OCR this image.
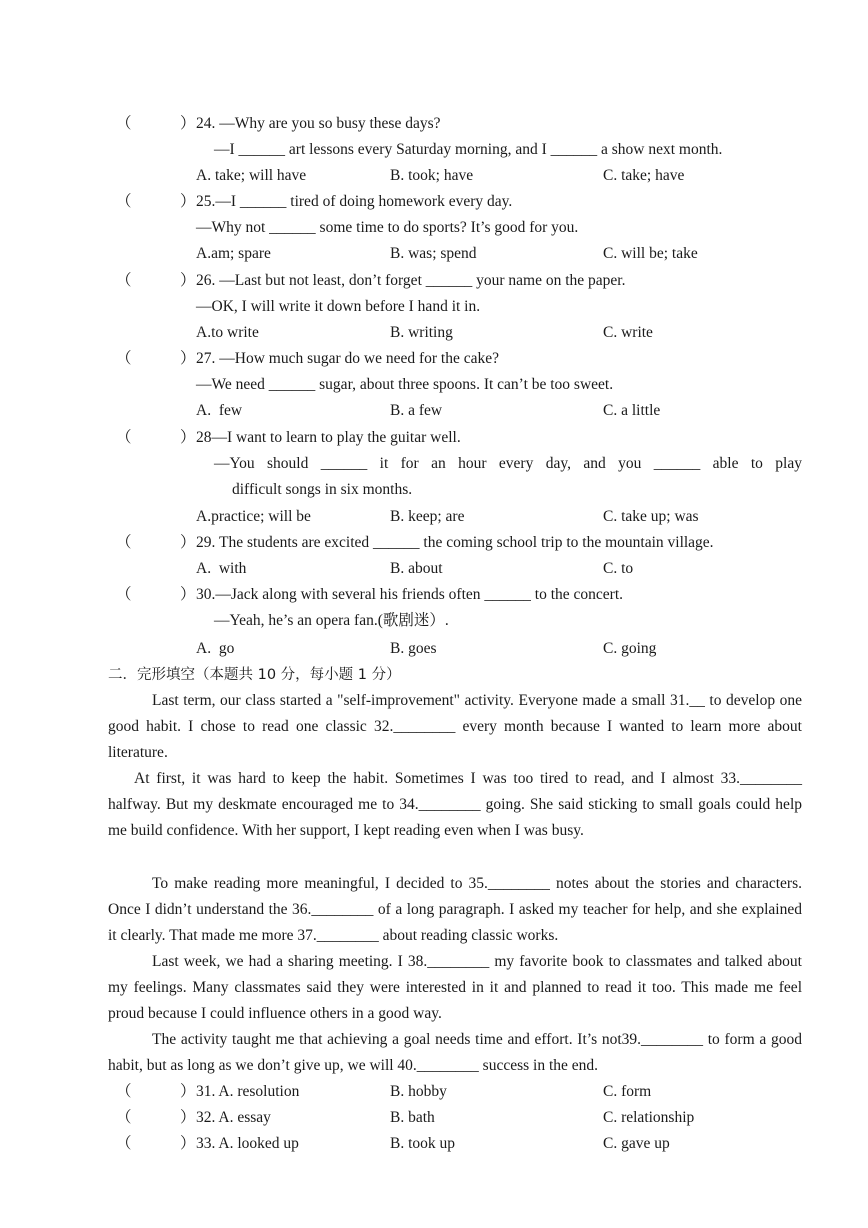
（	） 24. —Why are you so busy these days?
—I ______ art lessons every Saturday morning, and I ______ a show next month.
A. take; will have	B. took; have	C. take; have
（	） 25.—I ______ tired of doing homework every day.
—Why not ______ some time to do sports? It’s good for you.
A.am; spare	B. was; spend	C. will be; take
（	） 26. —Last but not least, don’t forget ______ your name on the paper.
—OK, I will write it down before I hand it in.
A.to write	B. writing	C. write
（	） 27. —How much sugar do we need for the cake?
—We need ______ sugar, about three spoons. It can’t be too sweet.
A.  few	B. a few	C. a little
（	） 28—I want to learn to play the guitar well.
—You should ______ it for an hour every day, and you ______ able to play
difficult songs in six months.
A.practice; will be	B. keep; are	C. take up; was
（	） 29. The students are excited ______ the coming school trip to the mountain village.
A.  with	B. about	C. to
（	） 30.—Jack along with several his friends often ______ to the concert.
—Yeah, he’s an opera fan.(歌剧迷）.
A.  go	B. goes	C. going
二．完形填空（本题共 10 分，每小题 1 分）
Last term, our class started a "self-improvement" activity. Everyone made a small 31.__ to develop one good habit. I chose to read one classic 32.________ every month because I wanted to learn more about literature.
At first, it was hard to keep the habit. Sometimes I was too tired to read, and I almost 33.________ halfway. But my deskmate encouraged me to 34.________ going. She said sticking to small goals could help me build confidence. With her support, I kept reading even when I was busy.
To make reading more meaningful, I decided to 35.________ notes about the stories and characters. Once I didn’t understand the 36.________ of a long paragraph. I asked my teacher for help, and she explained it clearly. That made me more 37.________ about reading classic works.
Last week, we had a sharing meeting. I 38.________ my favorite book to classmates and talked about my feelings. Many classmates said they were interested in it and planned to read it too. This made me feel proud because I could influence others in a good way.
The activity taught me that achieving a goal needs time and effort. It’s not39.________ to form a good habit, but as long as we don’t give up, we will 40.________ success in the end.
（	） 31. A. resolution	B. hobby	C. form
（	） 32. A. essay	B. bath	C. relationship
（	） 33. A. looked up	B. took up	C. gave up
